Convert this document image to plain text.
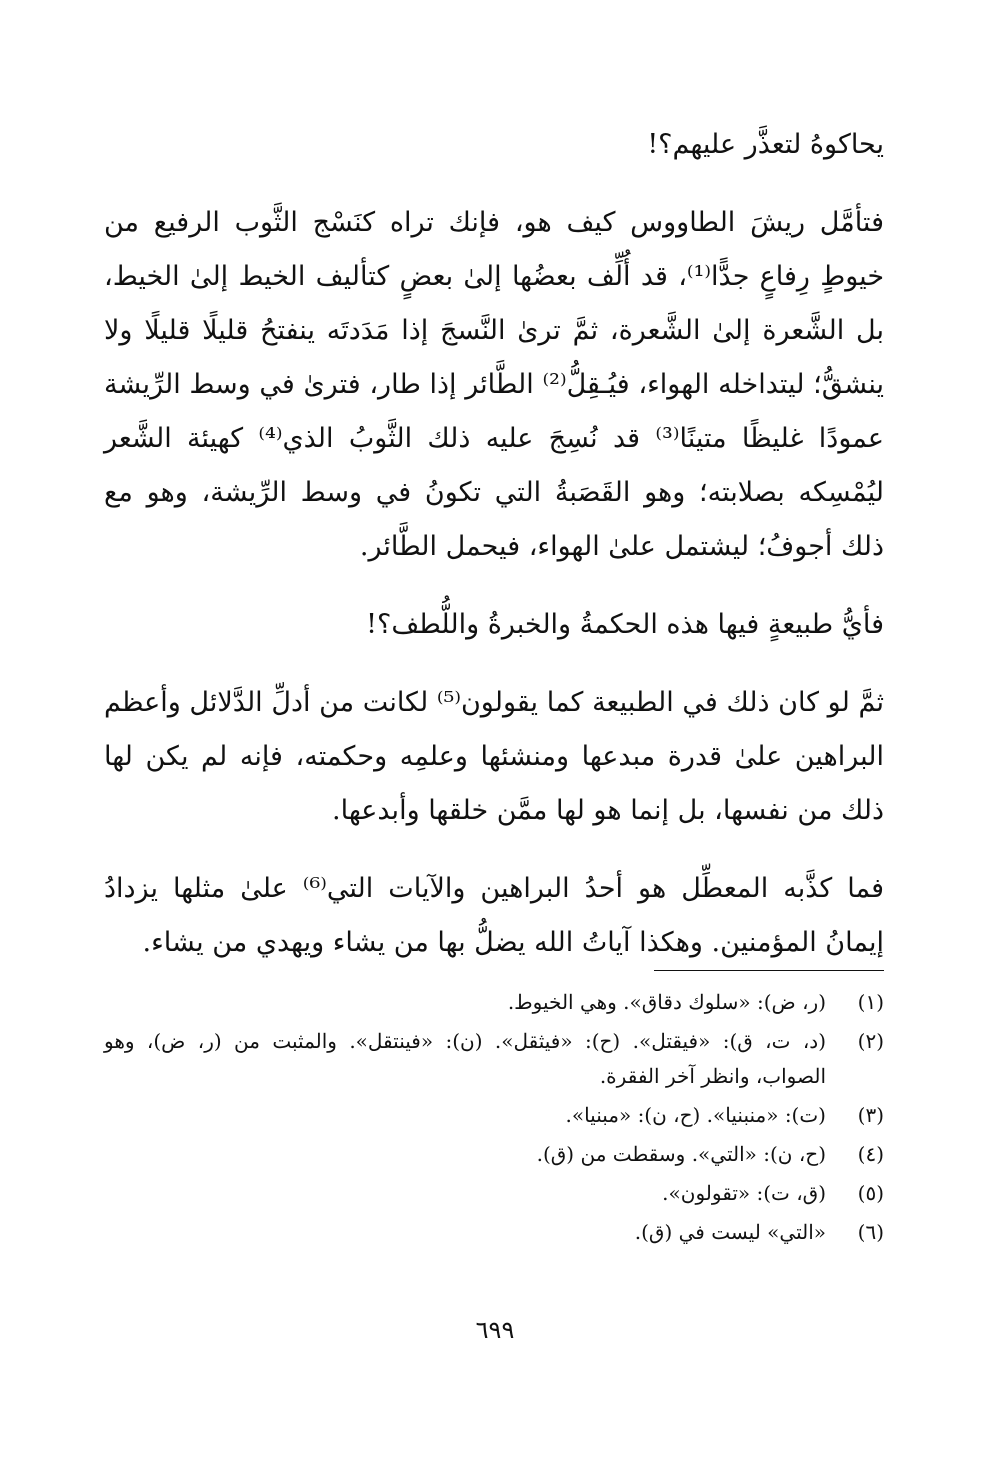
يحاكوهُ لتعذَّر عليهم؟!

فتأمَّل ريشَ الطاووس كيف هو، فإنك تراه كنَسْج الثَّوب الرفيع من خيوطٍ رِفاعٍ جدًّا⁽¹⁾، قد أُلِّف بعضُها إلىٰ بعضٍ كتأليف الخيط إلىٰ الخيط، بل الشَّعرة إلىٰ الشَّعرة، ثمَّ ترىٰ النَّسجَ إذا مَدَدتَه ينفتحُ قليلًا قليلًا ولا ينشقُّ؛ ليتداخله الهواء، فيُـقِلُّ⁽²⁾ الطَّائر إذا طار، فترىٰ في وسط الرِّيشة عمودًا غليظًا متينًا⁽³⁾ قد نُسِجَ عليه ذلك الثَّوبُ الذي⁽⁴⁾ كهيئة الشَّعر ليُمْسِكه بصلابته؛ وهو القَصَبةُ التي تكونُ في وسط الرِّيشة، وهو مع ذلك أجوفُ؛ ليشتمل علىٰ الهواء، فيحمل الطَّائر.

فأيُّ طبيعةٍ فيها هذه الحكمةُ والخبرةُ واللُّطف؟!

ثمَّ لو كان ذلك في الطبيعة كما يقولون⁽⁵⁾ لكانت من أدلِّ الدَّلائل وأعظم البراهين علىٰ قدرة مبدعها ومنشئها وعلمِه وحكمته، فإنه لم يكن لها ذلك من نفسها، بل إنما هو لها ممَّن خلقها وأبدعها.

فما كذَّبه المعطِّل هو أحدُ البراهين والآيات التي⁽⁶⁾ علىٰ مثلها يزدادُ إيمانُ المؤمنين. وهكذا آياتُ الله يضلُّ بها من يشاء ويهدي من يشاء.

(١)
(ر، ض): «سلوك دقاق». وهي الخيوط.
(٢)
(د، ت، ق): «فيقتل». (ح): «فيثقل». (ن): «فينتقل». والمثبت من (ر، ض)، وهو الصواب، وانظر آخر الفقرة.
(٣)
(ت): «منبنيا». (ح، ن): «مبنيا».
(٤)
(ح، ن): «التي». وسقطت من (ق).
(٥)
(ق، ت): «تقولون».
(٦)
«التي» ليست في (ق).
٦٩٩
